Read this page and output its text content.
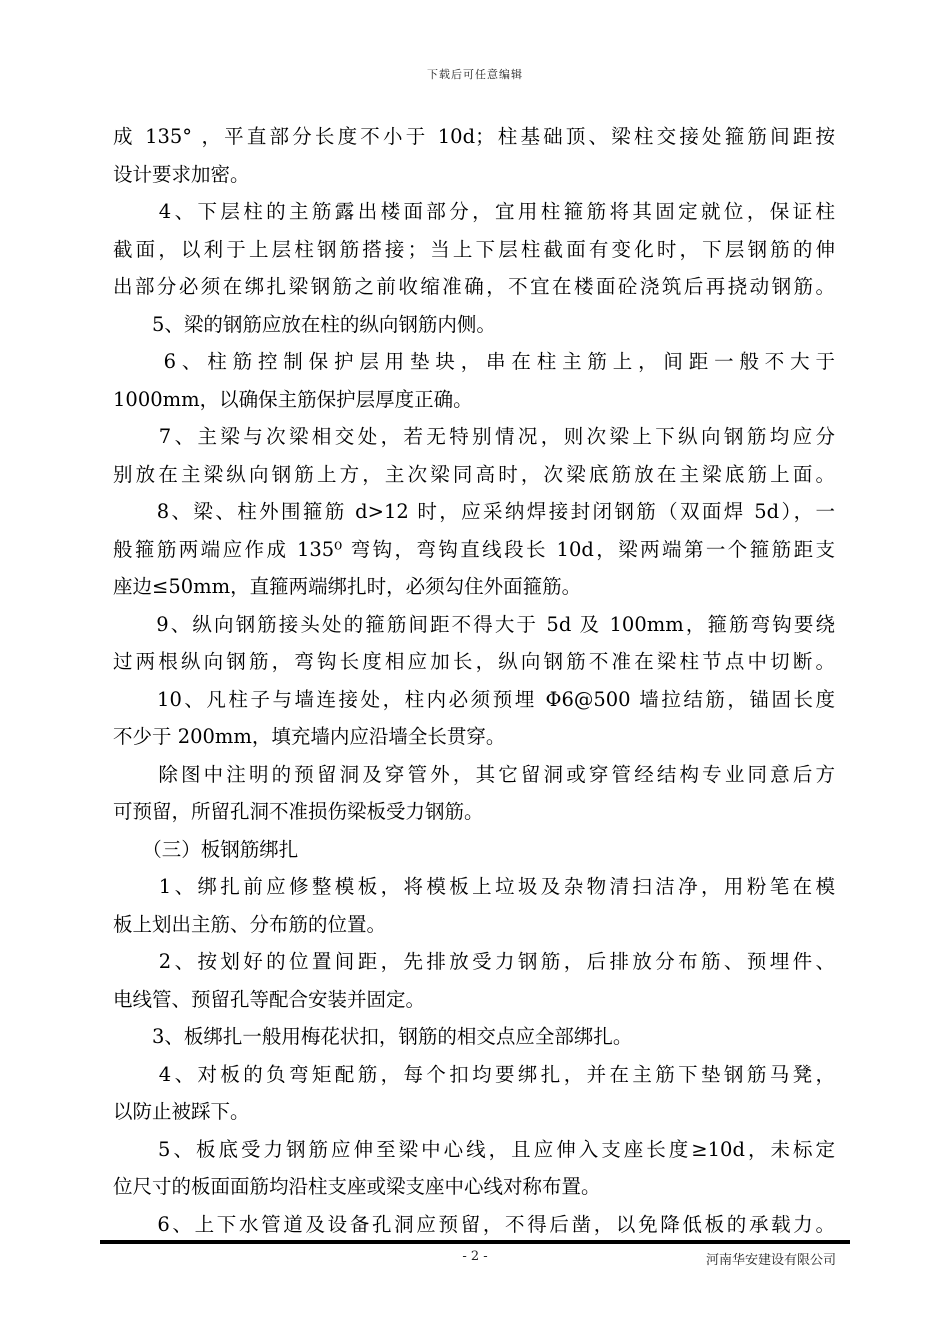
下载后可任意编辑
成 135° ，平直部分长度不小于 10d；柱基础顶、梁柱交接处箍筋间距按
设计要求加密。
　　4、下层柱的主筋露出楼面部分，宜用柱箍筋将其固定就位，保证柱
截面，以利于上层柱钢筋搭接；当上下层柱截面有变化时，下层钢筋的伸
出部分必须在绑扎梁钢筋之前收缩准确，不宜在楼面砼浇筑后再挠动钢筋。
　　5、梁的钢筋应放在柱的纵向钢筋内侧。
　　6、柱筋控制保护层用垫块，串在柱主筋上，间距一般不大于
1000mm，以确保主筋保护层厚度正确。
　　7、主梁与次梁相交处，若无特别情况，则次梁上下纵向钢筋均应分
别放在主梁纵向钢筋上方，主次梁同高时，次梁底筋放在主梁底筋上面。
　　8、梁、柱外围箍筋 d>12 时，应采纳焊接封闭钢筋（双面焊 5d），一
般箍筋两端应作成 135⁰ 弯钩，弯钩直线段长 10d，梁两端第一个箍筋距支
座边≤50mm，直箍两端绑扎时，必须勾住外面箍筋。
　　9、纵向钢筋接头处的箍筋间距不得大于 5d 及 100mm，箍筋弯钩要绕
过两根纵向钢筋，弯钩长度相应加长，纵向钢筋不准在梁柱节点中切断。
　　10、凡柱子与墙连接处，柱内必须预埋 Φ6@500 墙拉结筋，锚固长度
不少于 200mm，填充墙内应沿墙全长贯穿。
　　除图中注明的预留洞及穿管外，其它留洞或穿管经结构专业同意后方
可预留，所留孔洞不准损伤梁板受力钢筋。
　　（三）板钢筋绑扎
　　1、绑扎前应修整模板，将模板上垃圾及杂物清扫洁净，用粉笔在模
板上划出主筋、分布筋的位置。
　　2、按划好的位置间距，先排放受力钢筋，后排放分布筋、预埋件、
电线管、预留孔等配合安装并固定。
　　3、板绑扎一般用梅花状扣，钢筋的相交点应全部绑扎。
　　4、对板的负弯矩配筋，每个扣均要绑扎，并在主筋下垫钢筋马凳，
以防止被踩下。
　　5、板底受力钢筋应伸至梁中心线，且应伸入支座长度≥10d，未标定
位尺寸的板面面筋均沿柱支座或梁支座中心线对称布置。
　　6、上下水管道及设备孔洞应预留，不得后凿，以免降低板的承载力。
- 2 -	河南华安建设有限公司
